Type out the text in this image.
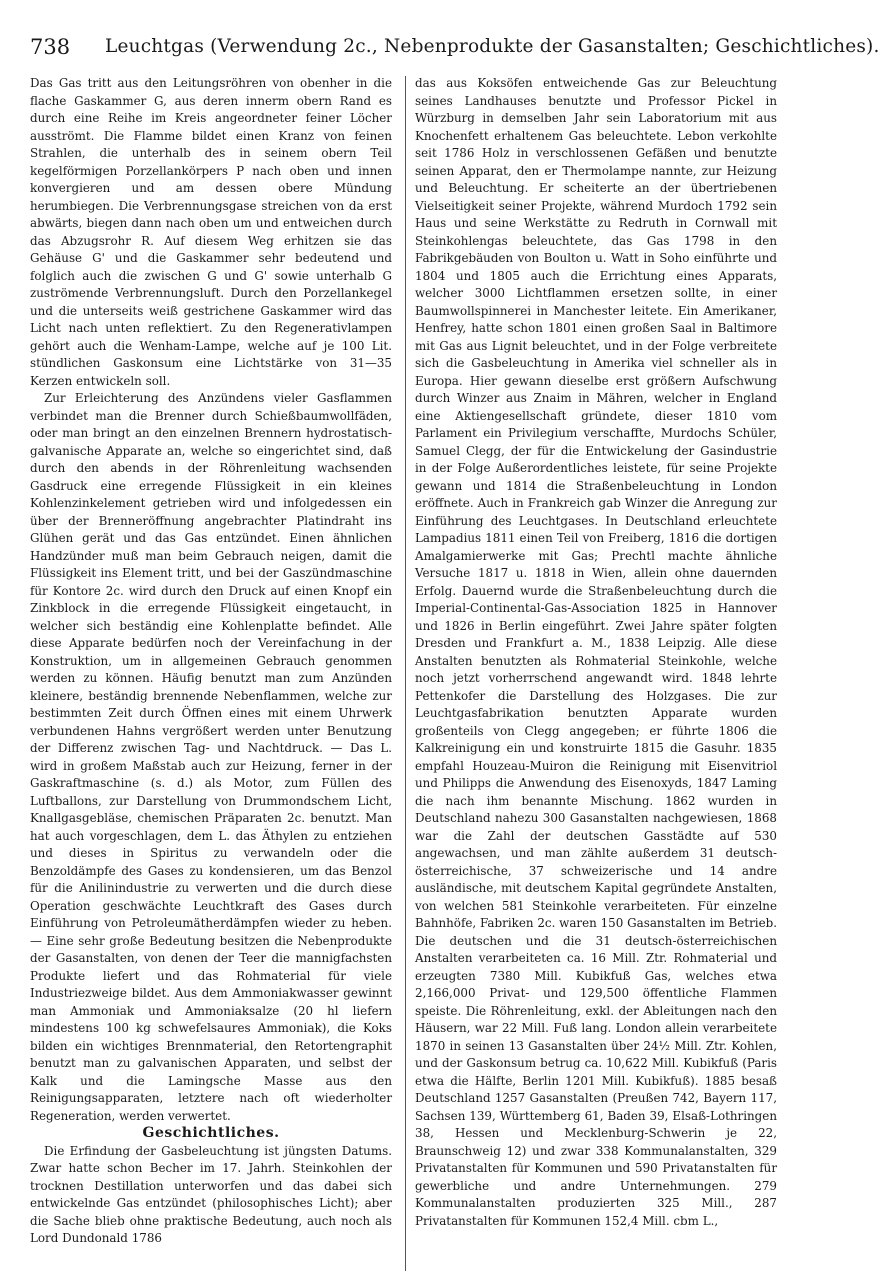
738 Leuchtgas (Verwendung 2c., Nebenprodukte der Gasanstalten; Geschichtliches).

Das Gas tritt aus den Leitungsröhren von obenher in die flache Gaskammer G, aus deren innerm obern Rand es durch eine Reihe im Kreis angeordneter feiner Löcher ausströmt. Die Flamme bildet einen Kranz von feinen Strahlen, die unterhalb des in seinem obern Teil kegelförmigen Porzellankörpers P nach oben und innen konvergieren und am dessen obere Mündung herumbiegen. Die Verbrennungsgase streichen von da erst abwärts, biegen dann nach oben um und entweichen durch das Abzugsrohr R. Auf diesem Weg erhitzen sie das Gehäuse G' und die Gaskammer sehr bedeutend und folglich auch die zwischen G und G' sowie unterhalb G zuströmende Verbrennungsluft. Durch den Porzellankegel und die unterseits weiß gestrichene Gaskammer wird das Licht nach unten reflektiert. Zu den Regenerativlampen gehört auch die Wenham-Lampe, welche auf je 100 Lit. stündlichen Gaskonsum eine Lichtstärke von 31—35 Kerzen entwickeln soll.

Zur Erleichterung des Anzündens vieler Gasflammen verbindet man die Brenner durch Schießbaumwollfäden, oder man bringt an den einzelnen Brennern hydrostatisch-galvanische Apparate an, welche so eingerichtet sind, daß durch den abends in der Röhrenleitung wachsenden Gasdruck eine erregende Flüssigkeit in ein kleines Kohlenzinkelement getrieben wird und infolgedessen ein über der Brenneröffnung angebrachter Platindraht ins Glühen gerät und das Gas entzündet. Einen ähnlichen Handzünder muß man beim Gebrauch neigen, damit die Flüssigkeit ins Element tritt, und bei der Gaszündmaschine für Kontore 2c. wird durch den Druck auf einen Knopf ein Zinkblock in die erregende Flüssigkeit eingetaucht, in welcher sich beständig eine Kohlenplatte befindet. Alle diese Apparate bedürfen noch der Vereinfachung in der Konstruktion, um in allgemeinen Gebrauch genommen werden zu können. Häufig benutzt man zum Anzünden kleinere, beständig brennende Nebenflammen, welche zur bestimmten Zeit durch Öffnen eines mit einem Uhrwerk verbundenen Hahns vergrößert werden unter Benutzung der Differenz zwischen Tag- und Nachtdruck. — Das L. wird in großem Maßstab auch zur Heizung, ferner in der Gaskraftmaschine (s. d.) als Motor, zum Füllen des Luftballons, zur Darstellung von Drummondschem Licht, Knallgasgebläse, chemischen Präparaten 2c. benutzt. Man hat auch vorgeschlagen, dem L. das Äthylen zu entziehen und dieses in Spiritus zu verwandeln oder die Benzoldämpfe des Gases zu kondensieren, um das Benzol für die Anilinindustrie zu verwerten und die durch diese Operation geschwächte Leuchtkraft des Gases durch Einführung von Petroleumätherdämpfen wieder zu heben. — Eine sehr große Bedeutung besitzen die Nebenprodukte der Gasanstalten, von denen der Teer die mannigfachsten Produkte liefert und das Rohmaterial für viele Industriezweige bildet. Aus dem Ammoniakwasser gewinnt man Ammoniak und Ammoniaksalze (20 hl liefern mindestens 100 kg schwefelsaures Ammoniak), die Koks bilden ein wichtiges Brennmaterial, den Retortengraphit benutzt man zu galvanischen Apparaten, und selbst der Kalk und die Lamingsche Masse aus den Reinigungsapparaten, letztere nach oft wiederholter Regeneration, werden verwertet.

Geschichtliches.

Die Erfindung der Gasbeleuchtung ist jüngsten Datums. Zwar hatte schon Becher im 17. Jahrh. Steinkohlen der trocknen Destillation unterworfen und das dabei sich entwickelnde Gas entzündet (philosophisches Licht); aber die Sache blieb ohne praktische Bedeutung, auch noch als Lord Dundonald 1786

das aus Koksöfen entweichende Gas zur Beleuchtung seines Landhauses benutzte und Professor Pickel in Würzburg in demselben Jahr sein Laboratorium mit aus Knochenfett erhaltenem Gas beleuchtete. Lebon verkohlte seit 1786 Holz in verschlossenen Gefäßen und benutzte seinen Apparat, den er Thermolampe nannte, zur Heizung und Beleuchtung. Er scheiterte an der übertriebenen Vielseitigkeit seiner Projekte, während Murdoch 1792 sein Haus und seine Werkstätte zu Redruth in Cornwall mit Steinkohlengas beleuchtete, das Gas 1798 in den Fabrikgebäuden von Boulton u. Watt in Soho einführte und 1804 und 1805 auch die Errichtung eines Apparats, welcher 3000 Lichtflammen ersetzen sollte, in einer Baumwollspinnerei in Manchester leitete. Ein Amerikaner, Henfrey, hatte schon 1801 einen großen Saal in Baltimore mit Gas aus Lignit beleuchtet, und in der Folge verbreitete sich die Gasbeleuchtung in Amerika viel schneller als in Europa. Hier gewann dieselbe erst größern Aufschwung durch Winzer aus Znaim in Mähren, welcher in England eine Aktiengesellschaft gründete, dieser 1810 vom Parlament ein Privilegium verschaffte, Murdochs Schüler, Samuel Clegg, der für die Entwickelung der Gasindustrie in der Folge Außerordentliches leistete, für seine Projekte gewann und 1814 die Straßenbeleuchtung in London eröffnete. Auch in Frankreich gab Winzer die Anregung zur Einführung des Leuchtgases. In Deutschland erleuchtete Lampadius 1811 einen Teil von Freiberg, 1816 die dortigen Amalgamierwerke mit Gas; Prechtl machte ähnliche Versuche 1817 u. 1818 in Wien, allein ohne dauernden Erfolg. Dauernd wurde die Straßenbeleuchtung durch die Imperial-Continental-Gas-Association 1825 in Hannover und 1826 in Berlin eingeführt. Zwei Jahre später folgten Dresden und Frankfurt a. M., 1838 Leipzig. Alle diese Anstalten benutzten als Rohmaterial Steinkohle, welche noch jetzt vorherrschend angewandt wird. 1848 lehrte Pettenkofer die Darstellung des Holzgases. Die zur Leuchtgasfabrikation benutzten Apparate wurden großenteils von Clegg angegeben; er führte 1806 die Kalkreinigung ein und konstruirte 1815 die Gasuhr. 1835 empfahl Houzeau-Muiron die Reinigung mit Eisenvitriol und Philipps die Anwendung des Eisenoxyds, 1847 Laming die nach ihm benannte Mischung. 1862 wurden in Deutschland nahezu 300 Gasanstalten nachgewiesen, 1868 war die Zahl der deutschen Gasstädte auf 530 angewachsen, und man zählte außerdem 31 deutsch-österreichische, 37 schweizerische und 14 andre ausländische, mit deutschem Kapital gegründete Anstalten, von welchen 581 Steinkohle verarbeiteten. Für einzelne Bahnhöfe, Fabriken 2c. waren 150 Gasanstalten im Betrieb. Die deutschen und die 31 deutsch-österreichischen Anstalten verarbeiteten ca. 16 Mill. Ztr. Rohmaterial und erzeugten 7380 Mill. Kubikfuß Gas, welches etwa 2,166,000 Privat- und 129,500 öffentliche Flammen speiste. Die Röhrenleitung, exkl. der Ableitungen nach den Häusern, war 22 Mill. Fuß lang. London allein verarbeitete 1870 in seinen 13 Gasanstalten über 24½ Mill. Ztr. Kohlen, und der Gaskonsum betrug ca. 10,622 Mill. Kubikfuß (Paris etwa die Hälfte, Berlin 1201 Mill. Kubikfuß). 1885 besaß Deutschland 1257 Gasanstalten (Preußen 742, Bayern 117, Sachsen 139, Württemberg 61, Baden 39, Elsaß-Lothringen 38, Hessen und Mecklenburg-Schwerin je 22, Braunschweig 12) und zwar 338 Kommunalanstalten, 329 Privatanstalten für Kommunen und 590 Privatanstalten für gewerbliche und andre Unternehmungen. 279 Kommunalanstalten produzierten 325 Mill., 287 Privatanstalten für Kommunen 152,4 Mill. cbm L.,
